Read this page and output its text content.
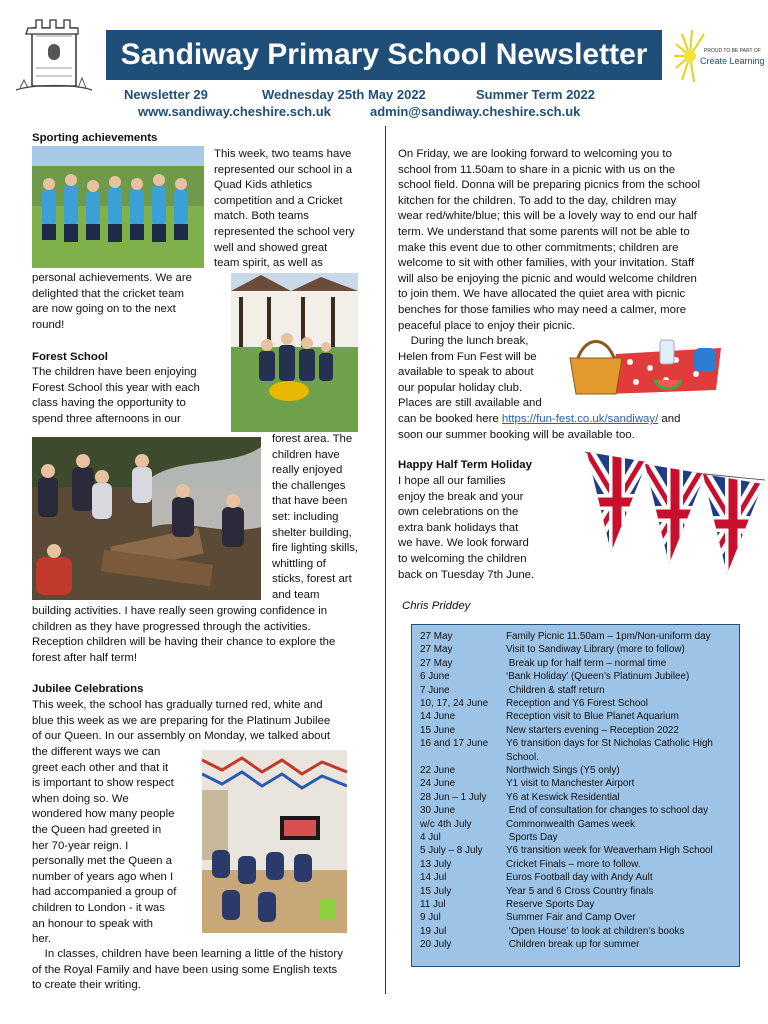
Sandiway Primary School Newsletter	PROUD TO BE PART OF
Create Learning
Newsletter 29	Wednesday 25th May 2022	Summer Term 2022
www.sandiway.cheshire.sch.uk	admin@sandiway.cheshire.sch.uk
Sporting achievements

This week, two teams have

represented our school in a

Quad Kids athletics

competition and a Cricket

match. Both teams

represented the school very

well and showed great

team spirit, as well as

personal achievements. We are

delighted that the cricket team

are now going on to the next

round!

Forest School

The children have been enjoying

Forest School this year with each

class having the opportunity to

spend three afternoons in our

forest area. The

children have

really enjoyed

the challenges

that have been

set: including

shelter building,

fire lighting skills,

whittling of

sticks, forest art

and team

building activities. I have really seen growing confidence in

children as they have progressed through the activities.

Reception children will be having their chance to explore the

forest after half term!

Jubilee Celebrations

This week, the school has gradually turned red, white and

blue this week as we are preparing for the Platinum Jubilee

of our Queen. In our assembly on Monday, we talked about

the different ways we can

greet each other and that it

is important to show respect

when doing so. We

wondered how many people

the Queen had greeted in

her 70-year reign. I

personally met the Queen a

number of years ago when I

had accompanied a group of

children to London - it was

an honour to speak with

her.

In classes, children have been learning a little of the history

of the Royal Family and have been using some English texts

to create their writing.

On Friday, we are looking forward to welcoming you to

school from 11.50am to share in a picnic with us on the

school field. Donna will be preparing picnics from the school

kitchen for the children. To add to the day, children may

wear red/white/blue; this will be a lovely way to end our half

term. We understand that some parents will not be able to

make this event due to other commitments; children are

welcome to sit with other families, with your invitation. Staff

will also be enjoying the picnic and would welcome children

to join them. We have allocated the quiet area with picnic

benches for those families who may need a calmer, more

peaceful place to enjoy their picnic.

During the lunch break,

Helen from Fun Fest will be

available to speak to about

our popular holiday club.

Places are still available and

can be booked here https://fun-fest.co.uk/sandiway/ and
soon our summer booking will be available too.
Happy Half Term Holiday

I hope all our families

enjoy the break and your

own celebrations on the

extra bank holidays that

we have. We look forward

to welcoming the children

back on Tuesday 7th June.

Chris Priddey
27 May	Family Picnic 11.50am – 1pm/Non-uniform day
27 May	Visit to Sandiway Library (more to follow)
27 May	Break up for half term – normal time
6 June	‘Bank Holiday’ (Queen’s Platinum Jubilee)
7 June	Children & staff return
10, 17, 24 June Reception and Y6 Forest School
14 June	Reception visit to Blue Planet Aquarium
15 June	New starters evening – Reception 2022
16 and 17 June Y6 transition days for St Nicholas Catholic High
School.
22 June	Northwich Sings (Y5 only)
24 June	Y1 visit to Manchester Airport
28 Jun – 1 July Y6 at Keswick Residential
30 June	End of consultation for changes to school day
w/c 4th July	Commonwealth Games week
4 Jul	Sports Day
5 July – 8 July Y6 transition week for Weaverham High School
13 July	Cricket Finals – more to follow.
14 Jul	Euros Football day with Andy Ault
15 July	Year 5 and 6 Cross Country finals
11 Jul	Reserve Sports Day
9 Jul	Summer Fair and Camp Over
19 Jul	‘Open House’ to look at children’s books
20 July	Children break up for summer
